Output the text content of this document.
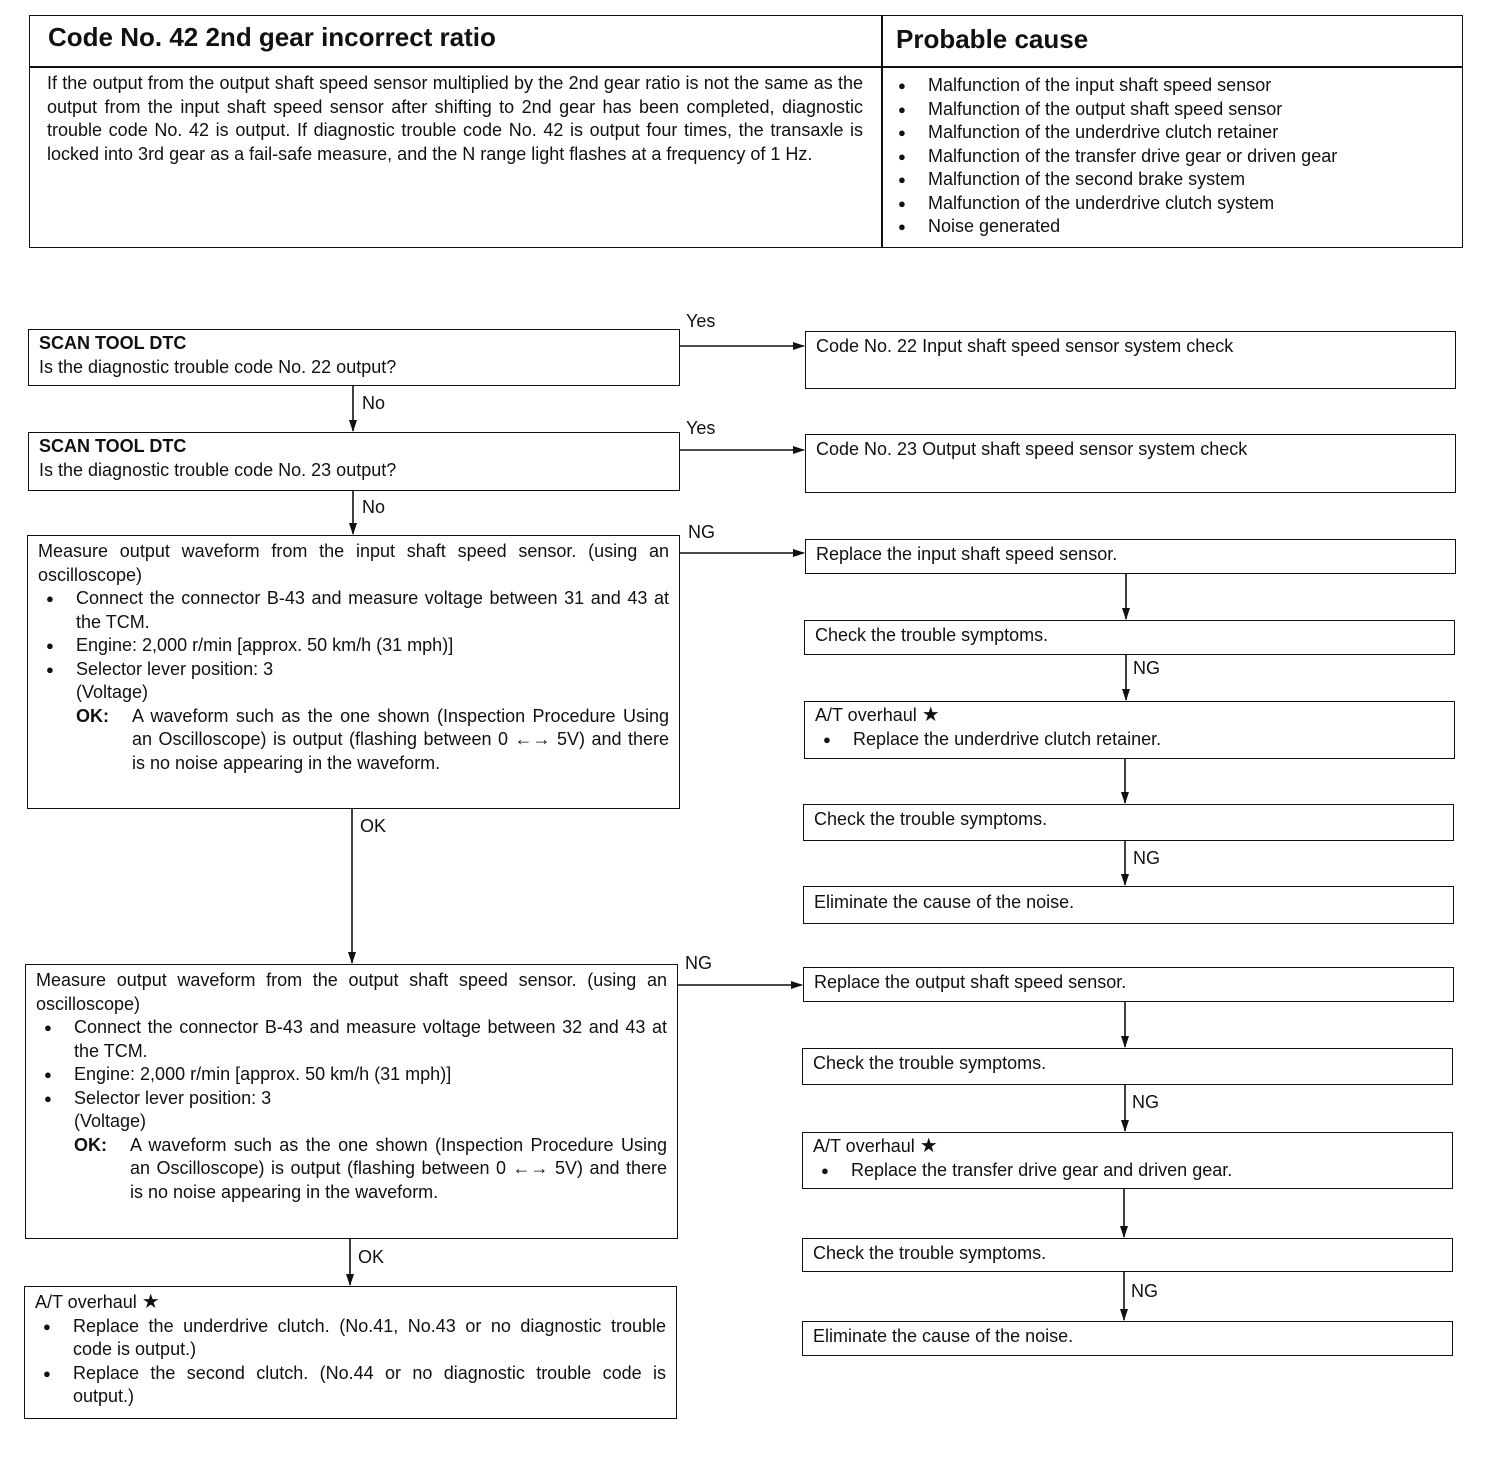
Code No. 42 2nd gear incorrect ratio	Probable cause
If the output from the output shaft speed sensor multiplied by the 2nd gear ratio is not the same as the output from the input shaft speed sensor after shifting to 2nd gear has been completed, diagnostic trouble code No. 42 is output. If diagnostic trouble code No. 42 is output four times, the transaxle is locked into 3rd gear as a fail-safe measure, and the N range light flashes at a frequency of 1 Hz.
● Malfunction of the input shaft speed sensor
● Malfunction of the output shaft speed sensor
● Malfunction of the underdrive clutch retainer
● Malfunction of the transfer drive gear or driven gear
● Malfunction of the second brake system
● Malfunction of the underdrive clutch system
● Noise generated
Yes
No
Yes
No
NG
OK
NG
OK
NG
NG
NG
NG
SCAN TOOL DTC
Is the diagnostic trouble code No. 22 output?
SCAN TOOL DTC
Is the diagnostic trouble code No. 23 output?
Measure output waveform from the input shaft speed sensor. (using an oscilloscope)
● Connect the connector B-43 and measure voltage between 31 and 43 at the TCM.
● Engine: 2,000 r/min [approx. 50 km/h (31 mph)]
● Selector lever position: 3
(Voltage)
OK:	A waveform such as the one shown (Inspection Procedure Using an Oscilloscope) is output (flashing between 0 ←→ 5V) and there is no noise appearing in the waveform.
Measure output waveform from the output shaft speed sensor. (using an oscilloscope)
● Connect the connector B-43 and measure voltage between 32 and 43 at the TCM.
● Engine: 2,000 r/min [approx. 50 km/h (31 mph)]
● Selector lever position: 3
(Voltage)
OK:	A waveform such as the one shown (Inspection Procedure Using an Oscilloscope) is output (flashing between 0 ←→ 5V) and there is no noise appearing in the waveform.
A/T overhaul ★
● Replace the underdrive clutch. (No.41, No.43 or no diagnostic trouble code is output.)
● Replace the second clutch. (No.44 or no diagnostic trouble code is output.)
Code No. 22 Input shaft speed sensor system check
Code No. 23 Output shaft speed sensor system check
Replace the input shaft speed sensor.
Check the trouble symptoms.
A/T overhaul ★
● Replace the underdrive clutch retainer.
Check the trouble symptoms.
Eliminate the cause of the noise.
Replace the output shaft speed sensor.
Check the trouble symptoms.
A/T overhaul ★
● Replace the transfer drive gear and driven gear.
Check the trouble symptoms.
Eliminate the cause of the noise.
